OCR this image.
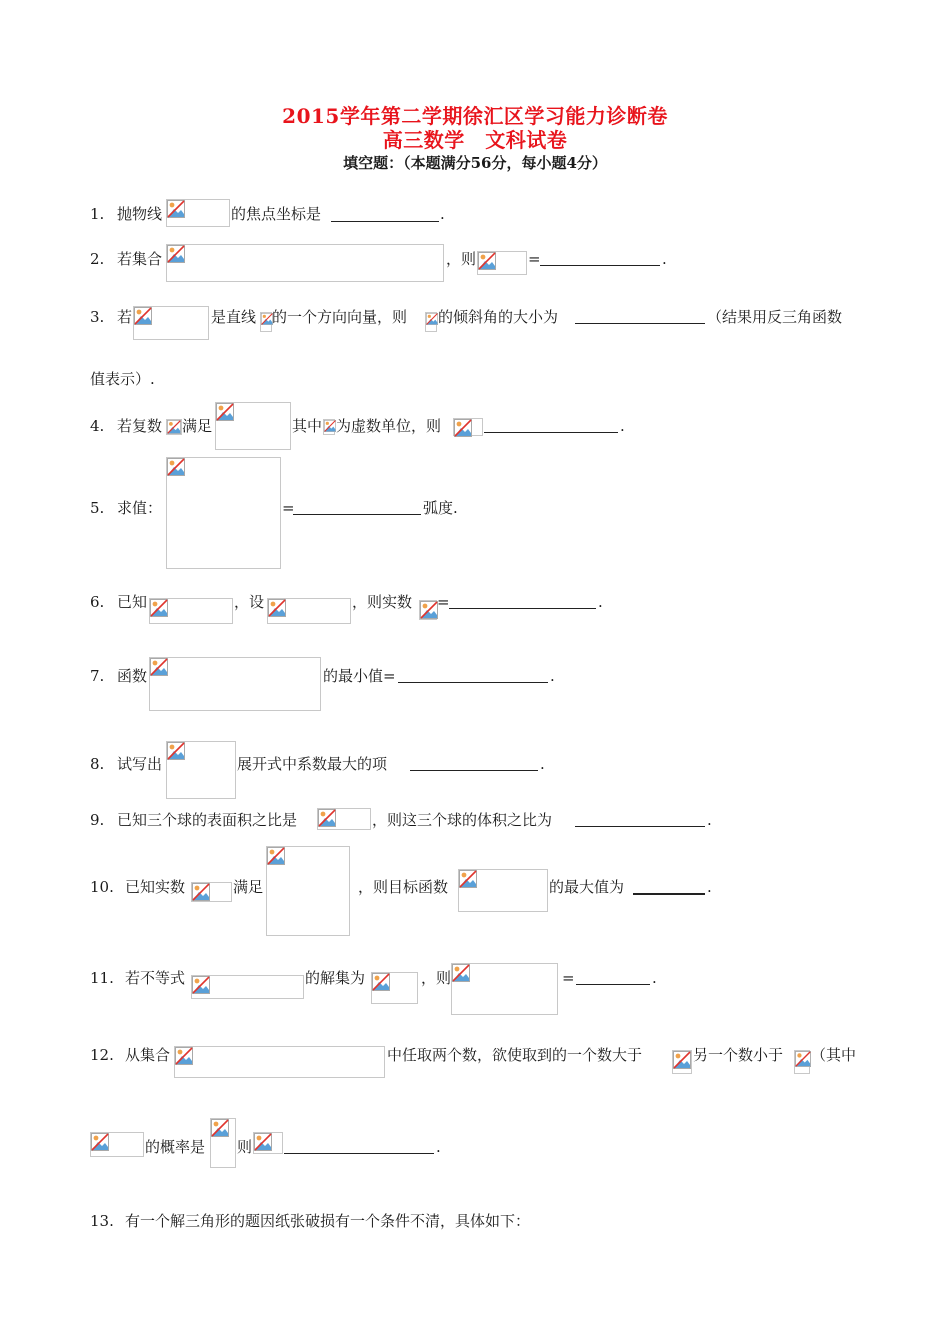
2015学年第二学期徐汇区学习能力诊断卷
高三数学　文科试卷
填空题：（本题满分56分，每小题4分）
1. 抛物线	的焦点坐标是	.
2. 若集合	，则	=	.
3. 若	是直线 的一个方向向量，则 的倾斜角的大小为	（结果用反三角函数
值表示）.
4. 若复数 满足	其中 为虚数单位，则	.
5. 求值：	=	弧度.
6. 已知	，设	，则实数 =	.
7. 函数	的最小值=	.
8. 试写出	展开式中系数最大的项	.
9. 已知三个球的表面积之比是	，则这三个球的体积之比为	.
10. 已知实数	满足	，则目标函数	的最大值为	.
11. 若不等式	的解集为	，则	=	.
12. 从集合	中任取两个数，欲使取到的一个数大于	另一个数小于 （其中
的概率是 则	.
13. 有一个解三角形的题因纸张破损有一个条件不清，具体如下：
